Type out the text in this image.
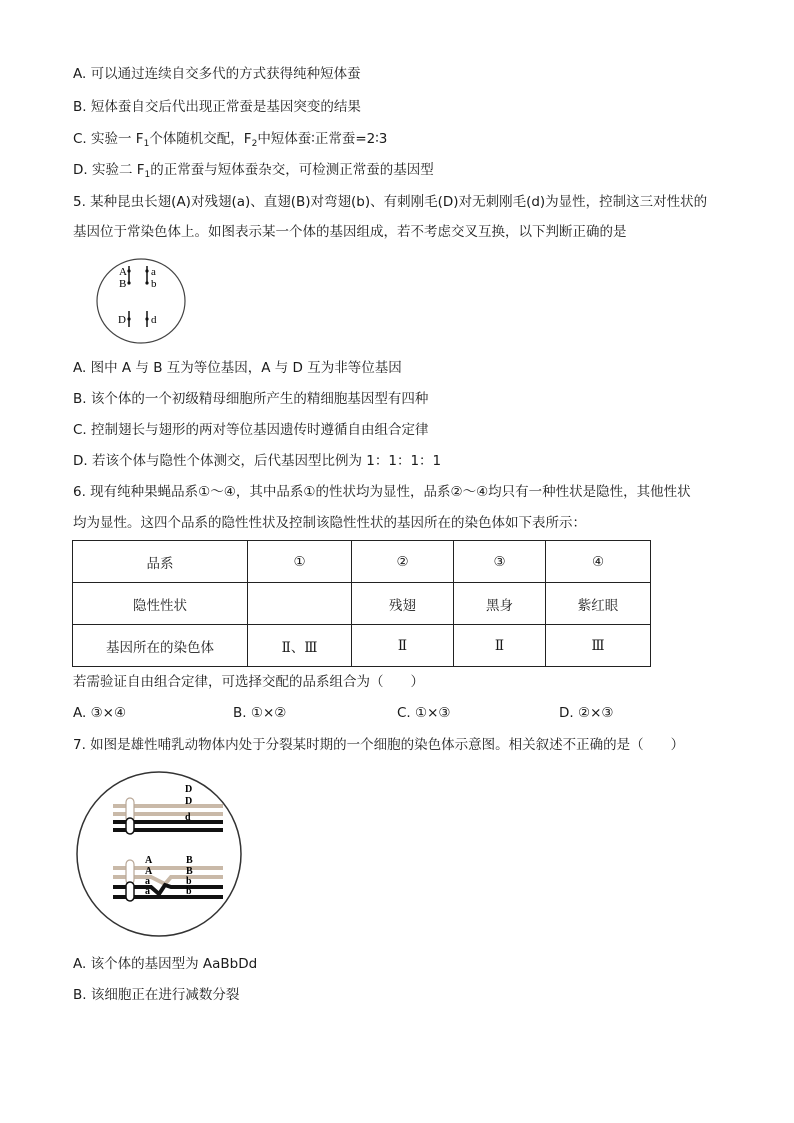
A. 可以通过连续自交多代的方式获得纯种短体蚕
B. 短体蚕自交后代出现正常蚕是基因突变的结果
C. 实验一 $F_1$个体随机交配，$F_2$中短体蚕∶正常蚕=2∶3
D. 实验二 $F_1$的正常蚕与短体蚕杂交，可检测正常蚕的基因型
5. 某种昆虫长翅(A)对残翅(a)、直翅(B)对弯翅(b)、有刺刚毛(D)对无刺刚毛(d)为显性，控制这三对性状的
基因位于常染色体上。如图表示某一个体的基因组成，若不考虑交叉互换，以下判断正确的是
A a
B b
D d
A. 图中 A 与 B 互为等位基因，A 与 D 互为非等位基因
B. 该个体的一个初级精母细胞所产生的精细胞基因型有四种
C. 控制翅长与翅形的两对等位基因遗传时遵循自由组合定律
D. 若该个体与隐性个体测交，后代基因型比例为 1：1：1：1
6. 现有纯种果蝇品系①～④，其中品系①的性状均为显性，品系②～④均只有一种性状是隐性，其他性状
均为显性。这四个品系的隐性性状及控制该隐性性状的基因所在的染色体如下表所示：
品系	①	②	③	④
隐性性状		残翅	黑身	紫红眼
基因所在的染色体	Ⅱ、Ⅲ	Ⅱ	Ⅱ	Ⅲ
若需验证自由组合定律，可选择交配的品系组合为（　　）
A. ③×④	B. ①×②	C. ①×③	D. ②×③
7. 如图是雄性哺乳动物体内处于分裂某时期的一个细胞的染色体示意图。相关叙述不正确的是（　　）
D
D
d
A
A
B
B
a
a
b
b
A. 该个体的基因型为 AaBbDd
B. 该细胞正在进行减数分裂
